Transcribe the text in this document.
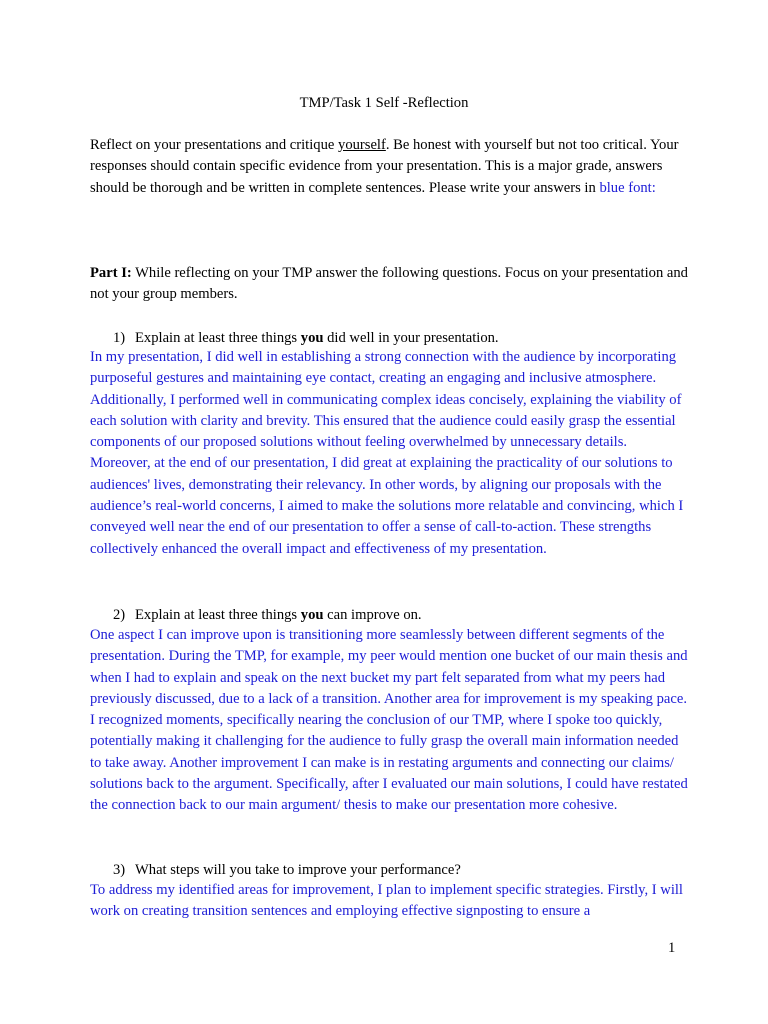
TMP/Task 1 Self -Reflection

Reflect on your presentations and critique yourself. Be honest with yourself but not too critical. Your responses should contain specific evidence from your presentation. This is a major grade, answers should be thorough and be written in complete sentences. Please write your answers in blue font:

Part I: While reflecting on your TMP answer the following questions. Focus on your presentation and not your group members.

1) Explain at least three things you did well in your presentation.

In my presentation, I did well in establishing a strong connection with the audience by incorporating purposeful gestures and maintaining eye contact, creating an engaging and inclusive atmosphere. Additionally, I performed well in communicating complex ideas concisely, explaining the viability of each solution with clarity and brevity. This ensured that the audience could easily grasp the essential components of our proposed solutions without feeling overwhelmed by unnecessary details. Moreover, at the end of our presentation, I did great at explaining the practicality of our solutions to audiences' lives, demonstrating their relevancy. In other words, by aligning our proposals with the audience’s real-world concerns, I aimed to make the solutions more relatable and convincing, which I conveyed well near the end of our presentation to offer a sense of call-to-action. These strengths collectively enhanced the overall impact and effectiveness of my presentation.

2) Explain at least three things you can improve on.

One aspect I can improve upon is transitioning more seamlessly between different segments of the presentation. During the TMP, for example, my peer would mention one bucket of our main thesis and when I had to explain and speak on the next bucket my part felt separated from what my peers had previously discussed, due to a lack of a transition. Another area for improvement is my speaking pace. I recognized moments, specifically nearing the conclusion of our TMP, where I spoke too quickly, potentially making it challenging for the audience to fully grasp the overall main information needed to take away. Another improvement I can make is in restating arguments and connecting our claims/ solutions back to the argument. Specifically, after I evaluated our main solutions, I could have restated the connection back to our main argument/ thesis to make our presentation more cohesive.

3) What steps will you take to improve your performance?

To address my identified areas for improvement, I plan to implement specific strategies. Firstly, I will work on creating transition sentences and employing effective signposting to ensure a

1
